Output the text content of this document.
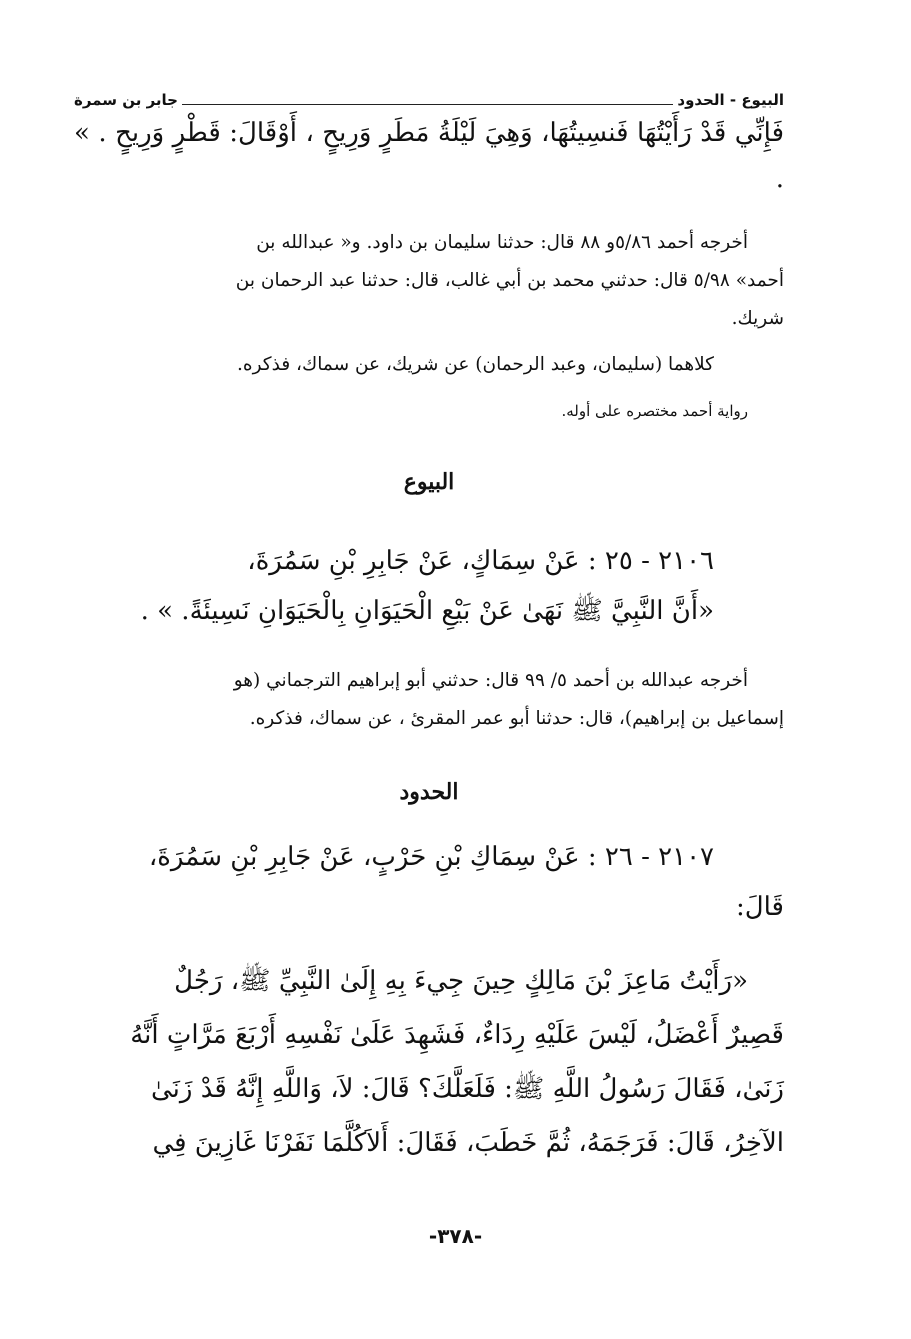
البيوع - الحدود
جابر بن سمرة
فَإِنِّي قَدْ رَأَيْتُهَا فَنسِيتُهَا، وَهِيَ لَيْلَةُ مَطَرٍ وَرِيحٍ ، أَوْقَالَ: قَطْرٍ وَرِيحٍ . » .
أخرجه أحمد ٥/٨٦و ٨٨ قال: حدثنا سليمان بن داود. و« عبدالله بن
أحمد» ٥/٩٨ قال: حدثني محمد بن أبي غالب، قال: حدثنا عبد الرحمان بن
شريك.
كلاهما (سليمان، وعبد الرحمان) عن شريك، عن سماك، فذكره.
رواية أحمد مختصره على أوله.
البيوع
٢١٠٦ - ٢٥ : عَنْ سِمَاكٍ، عَنْ جَابِرِ بْنِ سَمُرَةَ،
«أَنَّ النَّبِيَّ ﷺ نَهَىٰ عَنْ بَيْعِ الْحَيَوَانِ بِالْحَيَوَانِ نَسِيئَةً. » .
أخرجه عبدالله بن أحمد ٥/ ٩٩ قال: حدثني أبو إبراهيم الترجماني (هو
إسماعيل بن إبراهيم)، قال: حدثنا أبو عمر المقرئ ، عن سماك، فذكره.
الحدود
٢١٠٧ - ٢٦ : عَنْ سِمَاكِ بْنِ حَرْبٍ، عَنْ جَابِرِ بْنِ سَمُرَةَ،
قَالَ:
«رَأَيْتُ مَاعِزَ بْنَ مَالِكٍ حِينَ جِيءَ بِهِ إِلَىٰ النَّبِيِّ ﷺ، رَجُلٌ
قَصِيرٌ أَعْضَلُ، لَيْسَ عَلَيْهِ رِدَاءٌ، فَشَهِدَ عَلَىٰ نَفْسِهِ أَرْبَعَ مَرَّاتٍ أَنَّهُ
زَنَىٰ، فَقَالَ رَسُولُ اللَّهِ ﷺ: فَلَعَلَّكَ؟ قَالَ: لاَ، وَاللَّهِ إِنَّهُ قَدْ زَنَىٰ
الآخِرُ، قَالَ: فَرَجَمَهُ، ثُمَّ خَطَبَ، فَقَالَ: أَلاَكُلَّمَا نَفَرْنَا غَازِينَ فِي
-٣٧٨-
